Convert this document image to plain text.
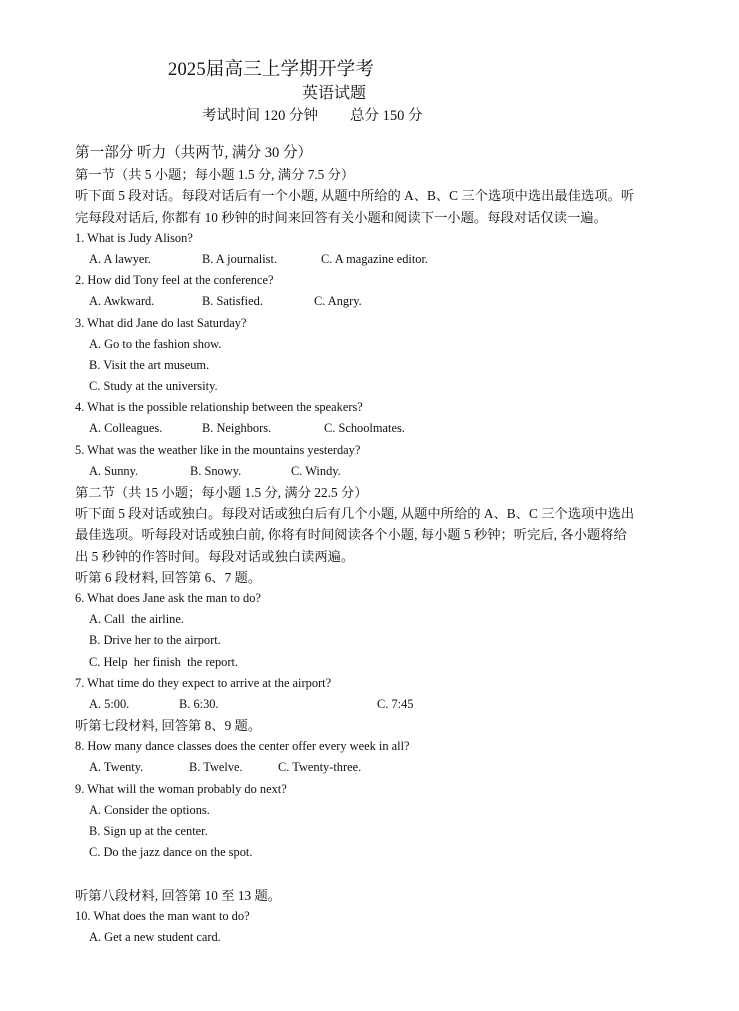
2025届高三上学期开学考
英语试题
考试时间 120 分钟 总分 150 分
第一部分 听力（共两节, 满分 30 分）
第一节（共 5 小题；每小题 1.5 分, 满分 7.5 分）
听下面 5 段对话。每段对话后有一个小题, 从题中所给的 A、B、C 三个选项中选出最佳选项。听
完每段对话后, 你都有 10 秒钟的时间来回答有关小题和阅读下一小题。每段对话仅读一遍。
1. What is Judy Alison?
A. A lawyer.	B. A journalist.	C. A magazine editor.
2. How did Tony feel at the conference?
A. Awkward.	B. Satisfied.	C. Angry.
3. What did Jane do last Saturday?
A. Go to the fashion show.
B. Visit the art museum.
C. Study at the university.
4. What is the possible relationship between the speakers?
A. Colleagues.	B. Neighbors.	C. Schoolmates.
5. What was the weather like in the mountains yesterday?
A. Sunny.	B. Snowy.	C. Windy.
第二节（共 15 小题；每小题 1.5 分, 满分 22.5 分）
听下面 5 段对话或独白。每段对话或独白后有几个小题, 从题中所给的 A、B、C 三个选项中选出
最佳选项。听每段对话或独白前, 你将有时间阅读各个小题, 每小题 5 秒钟；听完后, 各小题将给
出 5 秒钟的作答时间。每段对话或独白读两遍。
听第 6 段材料, 回答第 6、7 题。
6. What does Jane ask the man to do?
A. Call  the airline.
B. Drive her to the airport.
C. Help  her finish  the report.
7. What time do they expect to arrive at the airport?
A. 5:00.	B. 6:30.	C. 7:45
听第七段材料, 回答第 8、9 题。
8. How many dance classes does the center offer every week in all?
A. Twenty.	B. Twelve.	C. Twenty-three.
9. What will the woman probably do next?
A. Consider the options.
B. Sign up at the center.
C. Do the jazz dance on the spot.
听第八段材料, 回答第 10 至 13 题。
10. What does the man want to do?
A. Get a new student card.
